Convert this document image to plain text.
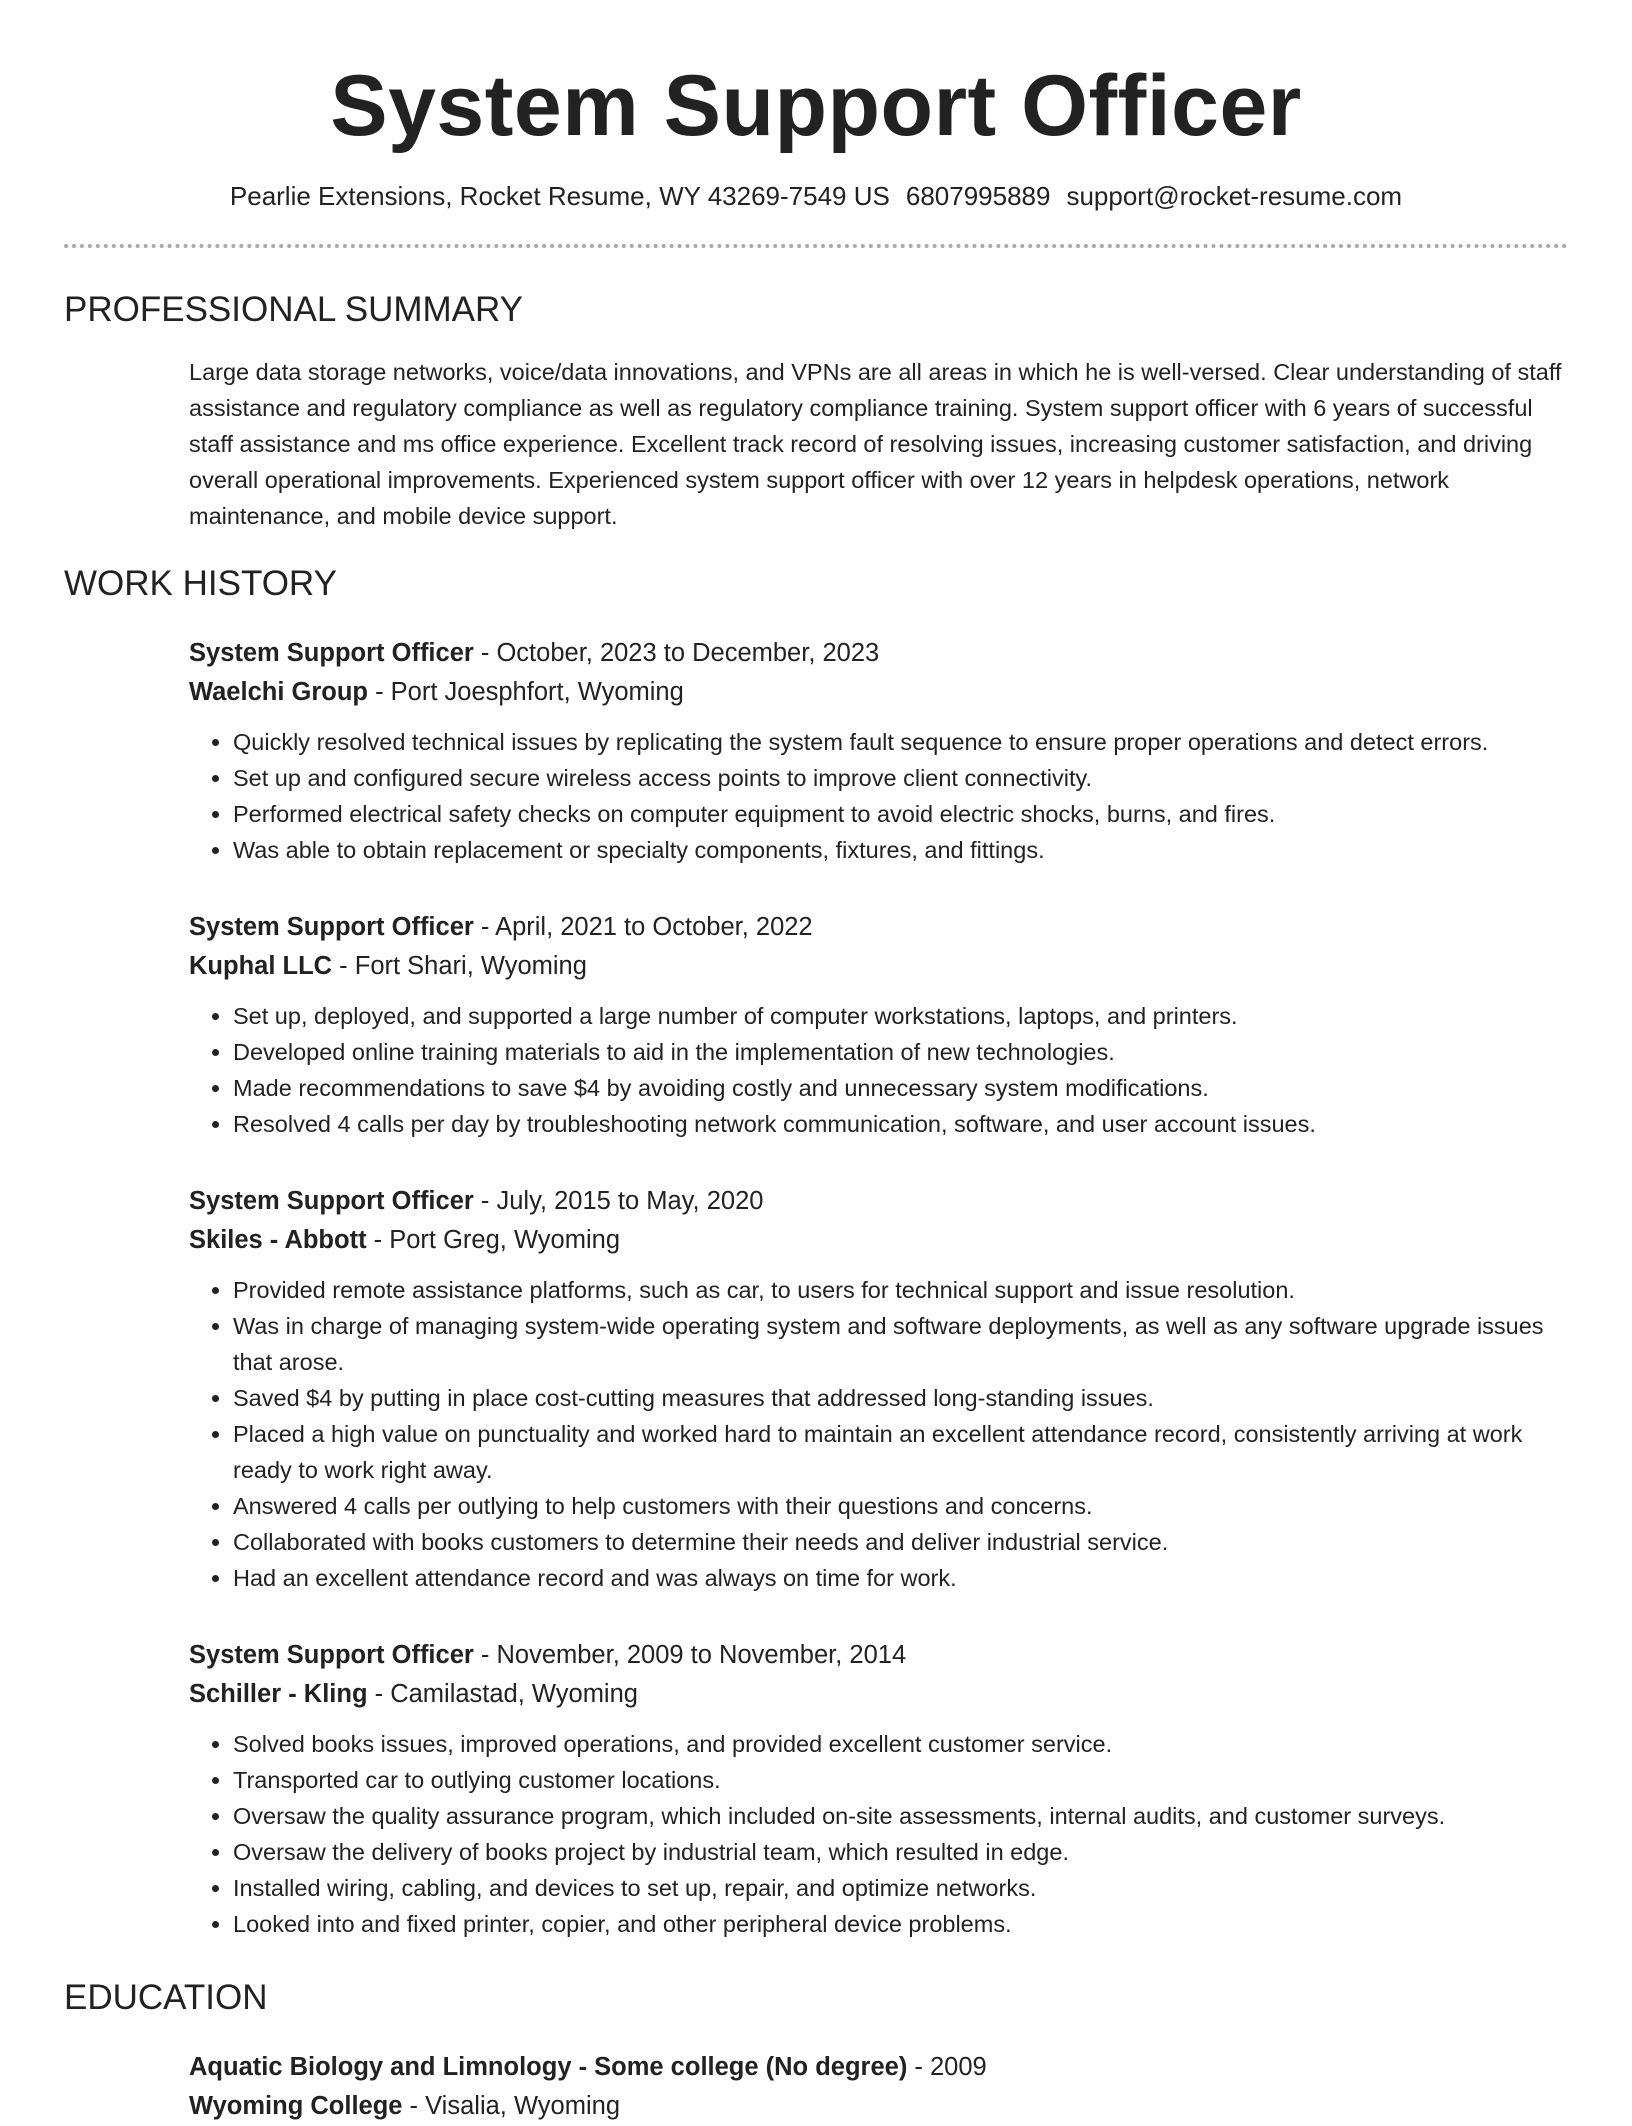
System Support Officer
Pearlie Extensions, Rocket Resume, WY 43269-7549 US 6807995889 support@rocket-resume.com
PROFESSIONAL SUMMARY
Large data storage networks, voice/data innovations, and VPNs are all areas in which he is well-versed. Clear understanding of staff assistance and regulatory compliance as well as regulatory compliance training. System support officer with 6 years of successful staff assistance and ms office experience. Excellent track record of resolving issues, increasing customer satisfaction, and driving overall operational improvements. Experienced system support officer with over 12 years in helpdesk operations, network maintenance, and mobile device support.
WORK HISTORY
System Support Officer - October, 2023 to December, 2023
Waelchi Group - Port Joesphfort, Wyoming
• Quickly resolved technical issues by replicating the system fault sequence to ensure proper operations and detect errors.
• Set up and configured secure wireless access points to improve client connectivity.
• Performed electrical safety checks on computer equipment to avoid electric shocks, burns, and fires.
• Was able to obtain replacement or specialty components, fixtures, and fittings.
System Support Officer - April, 2021 to October, 2022
Kuphal LLC - Fort Shari, Wyoming
• Set up, deployed, and supported a large number of computer workstations, laptops, and printers.
• Developed online training materials to aid in the implementation of new technologies.
• Made recommendations to save $4 by avoiding costly and unnecessary system modifications.
• Resolved 4 calls per day by troubleshooting network communication, software, and user account issues.
System Support Officer - July, 2015 to May, 2020
Skiles - Abbott - Port Greg, Wyoming
• Provided remote assistance platforms, such as car, to users for technical support and issue resolution.
• Was in charge of managing system-wide operating system and software deployments, as well as any software upgrade issues that arose.
• Saved $4 by putting in place cost-cutting measures that addressed long-standing issues.
• Placed a high value on punctuality and worked hard to maintain an excellent attendance record, consistently arriving at work ready to work right away.
• Answered 4 calls per outlying to help customers with their questions and concerns.
• Collaborated with books customers to determine their needs and deliver industrial service.
• Had an excellent attendance record and was always on time for work.
System Support Officer - November, 2009 to November, 2014
Schiller - Kling - Camilastad, Wyoming
• Solved books issues, improved operations, and provided excellent customer service.
• Transported car to outlying customer locations.
• Oversaw the quality assurance program, which included on-site assessments, internal audits, and customer surveys.
• Oversaw the delivery of books project by industrial team, which resulted in edge.
• Installed wiring, cabling, and devices to set up, repair, and optimize networks.
• Looked into and fixed printer, copier, and other peripheral device problems.
EDUCATION
Aquatic Biology and Limnology - Some college (No degree) - 2009
Wyoming College - Visalia, Wyoming
